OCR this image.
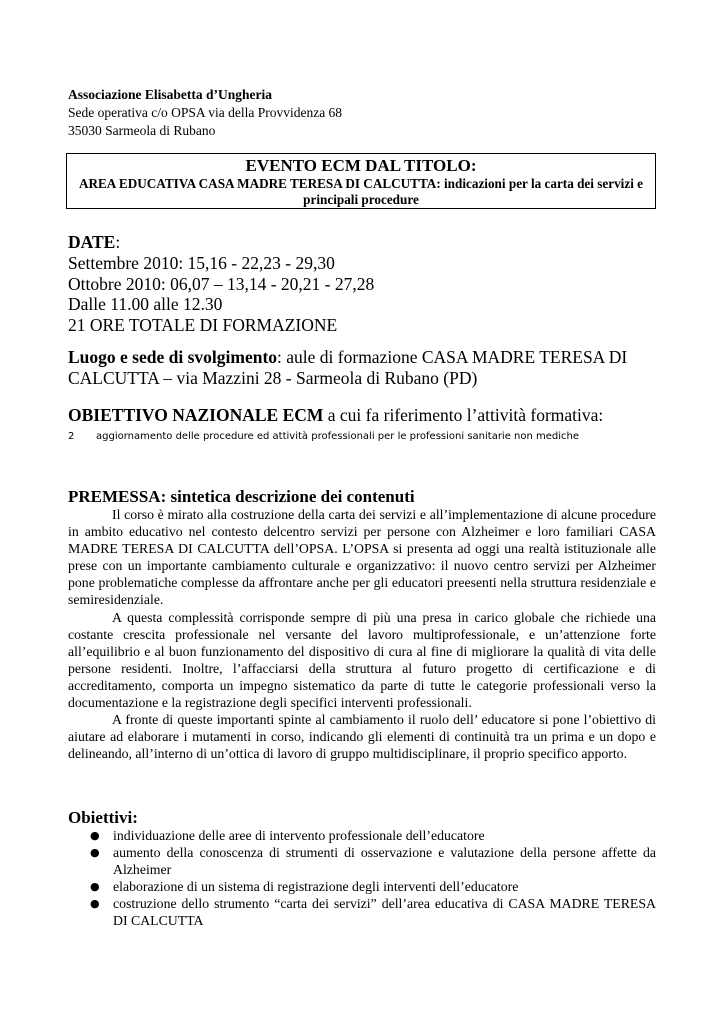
Associazione Elisabetta d’Ungheria
Sede operativa c/o OPSA via della Provvidenza 68
35030 Sarmeola di Rubano
EVENTO ECM DAL TITOLO:
AREA EDUCATIVA CASA MADRE TERESA DI CALCUTTA: indicazioni per la carta dei servizi e principali procedure
DATE:
Settembre 2010: 15,16 - 22,23 - 29,30
Ottobre 2010: 06,07 – 13,14 - 20,21 - 27,28
Dalle 11.00 alle 12.30
21 ORE TOTALE DI FORMAZIONE
Luogo e sede di svolgimento: aule di formazione CASA MADRE TERESA DI CALCUTTA – via Mazzini 28 - Sarmeola di Rubano (PD)
OBIETTIVO NAZIONALE ECM a cui fa riferimento l’attività formativa:
2 aggiornamento delle procedure ed attività professionali per le professioni sanitarie non mediche
PREMESSA: sintetica descrizione dei contenuti

Il corso è mirato alla costruzione della carta dei servizi e all’implementazione di alcune procedure in ambito educativo nel contesto delcentro servizi per persone con Alzheimer e loro familiari CASA MADRE TERESA DI CALCUTTA dell’OPSA. L’OPSA si presenta ad oggi una realtà istituzionale alle prese con un importante cambiamento culturale e organizzativo: il nuovo centro servizi per Alzheimer pone problematiche complesse da affrontare anche per gli educatori preesenti nella struttura residenziale e semiresidenziale.

A questa complessità corrisponde sempre di più una presa in carico globale che richiede una costante crescita professionale nel versante del lavoro multiprofessionale, e un’attenzione forte all’equilibrio e al buon funzionamento del dispositivo di cura al fine di migliorare la qualità di vita delle persone residenti. Inoltre, l’affacciarsi della struttura al futuro progetto di certificazione e di accreditamento, comporta un impegno sistematico da parte di tutte le categorie professionali verso la documentazione e la registrazione degli specifici interventi professionali.

A fronte di queste importanti spinte al cambiamento il ruolo dell’ educatore si pone l’obiettivo di aiutare ad elaborare i mutamenti in corso, indicando gli elementi di continuità tra un prima e un dopo e delineando, all’interno di un’ottica di lavoro di gruppo multidisciplinare, il proprio specifico apporto.

Obiettivi:
● individuazione delle aree di intervento professionale dell’educatore
● aumento della conoscenza di strumenti di osservazione e valutazione della persone affette da Alzheimer
● elaborazione di un sistema di registrazione degli interventi dell’educatore
● costruzione dello strumento “carta dei servizi” dell’area educativa di CASA MADRE TERESA DI CALCUTTA
